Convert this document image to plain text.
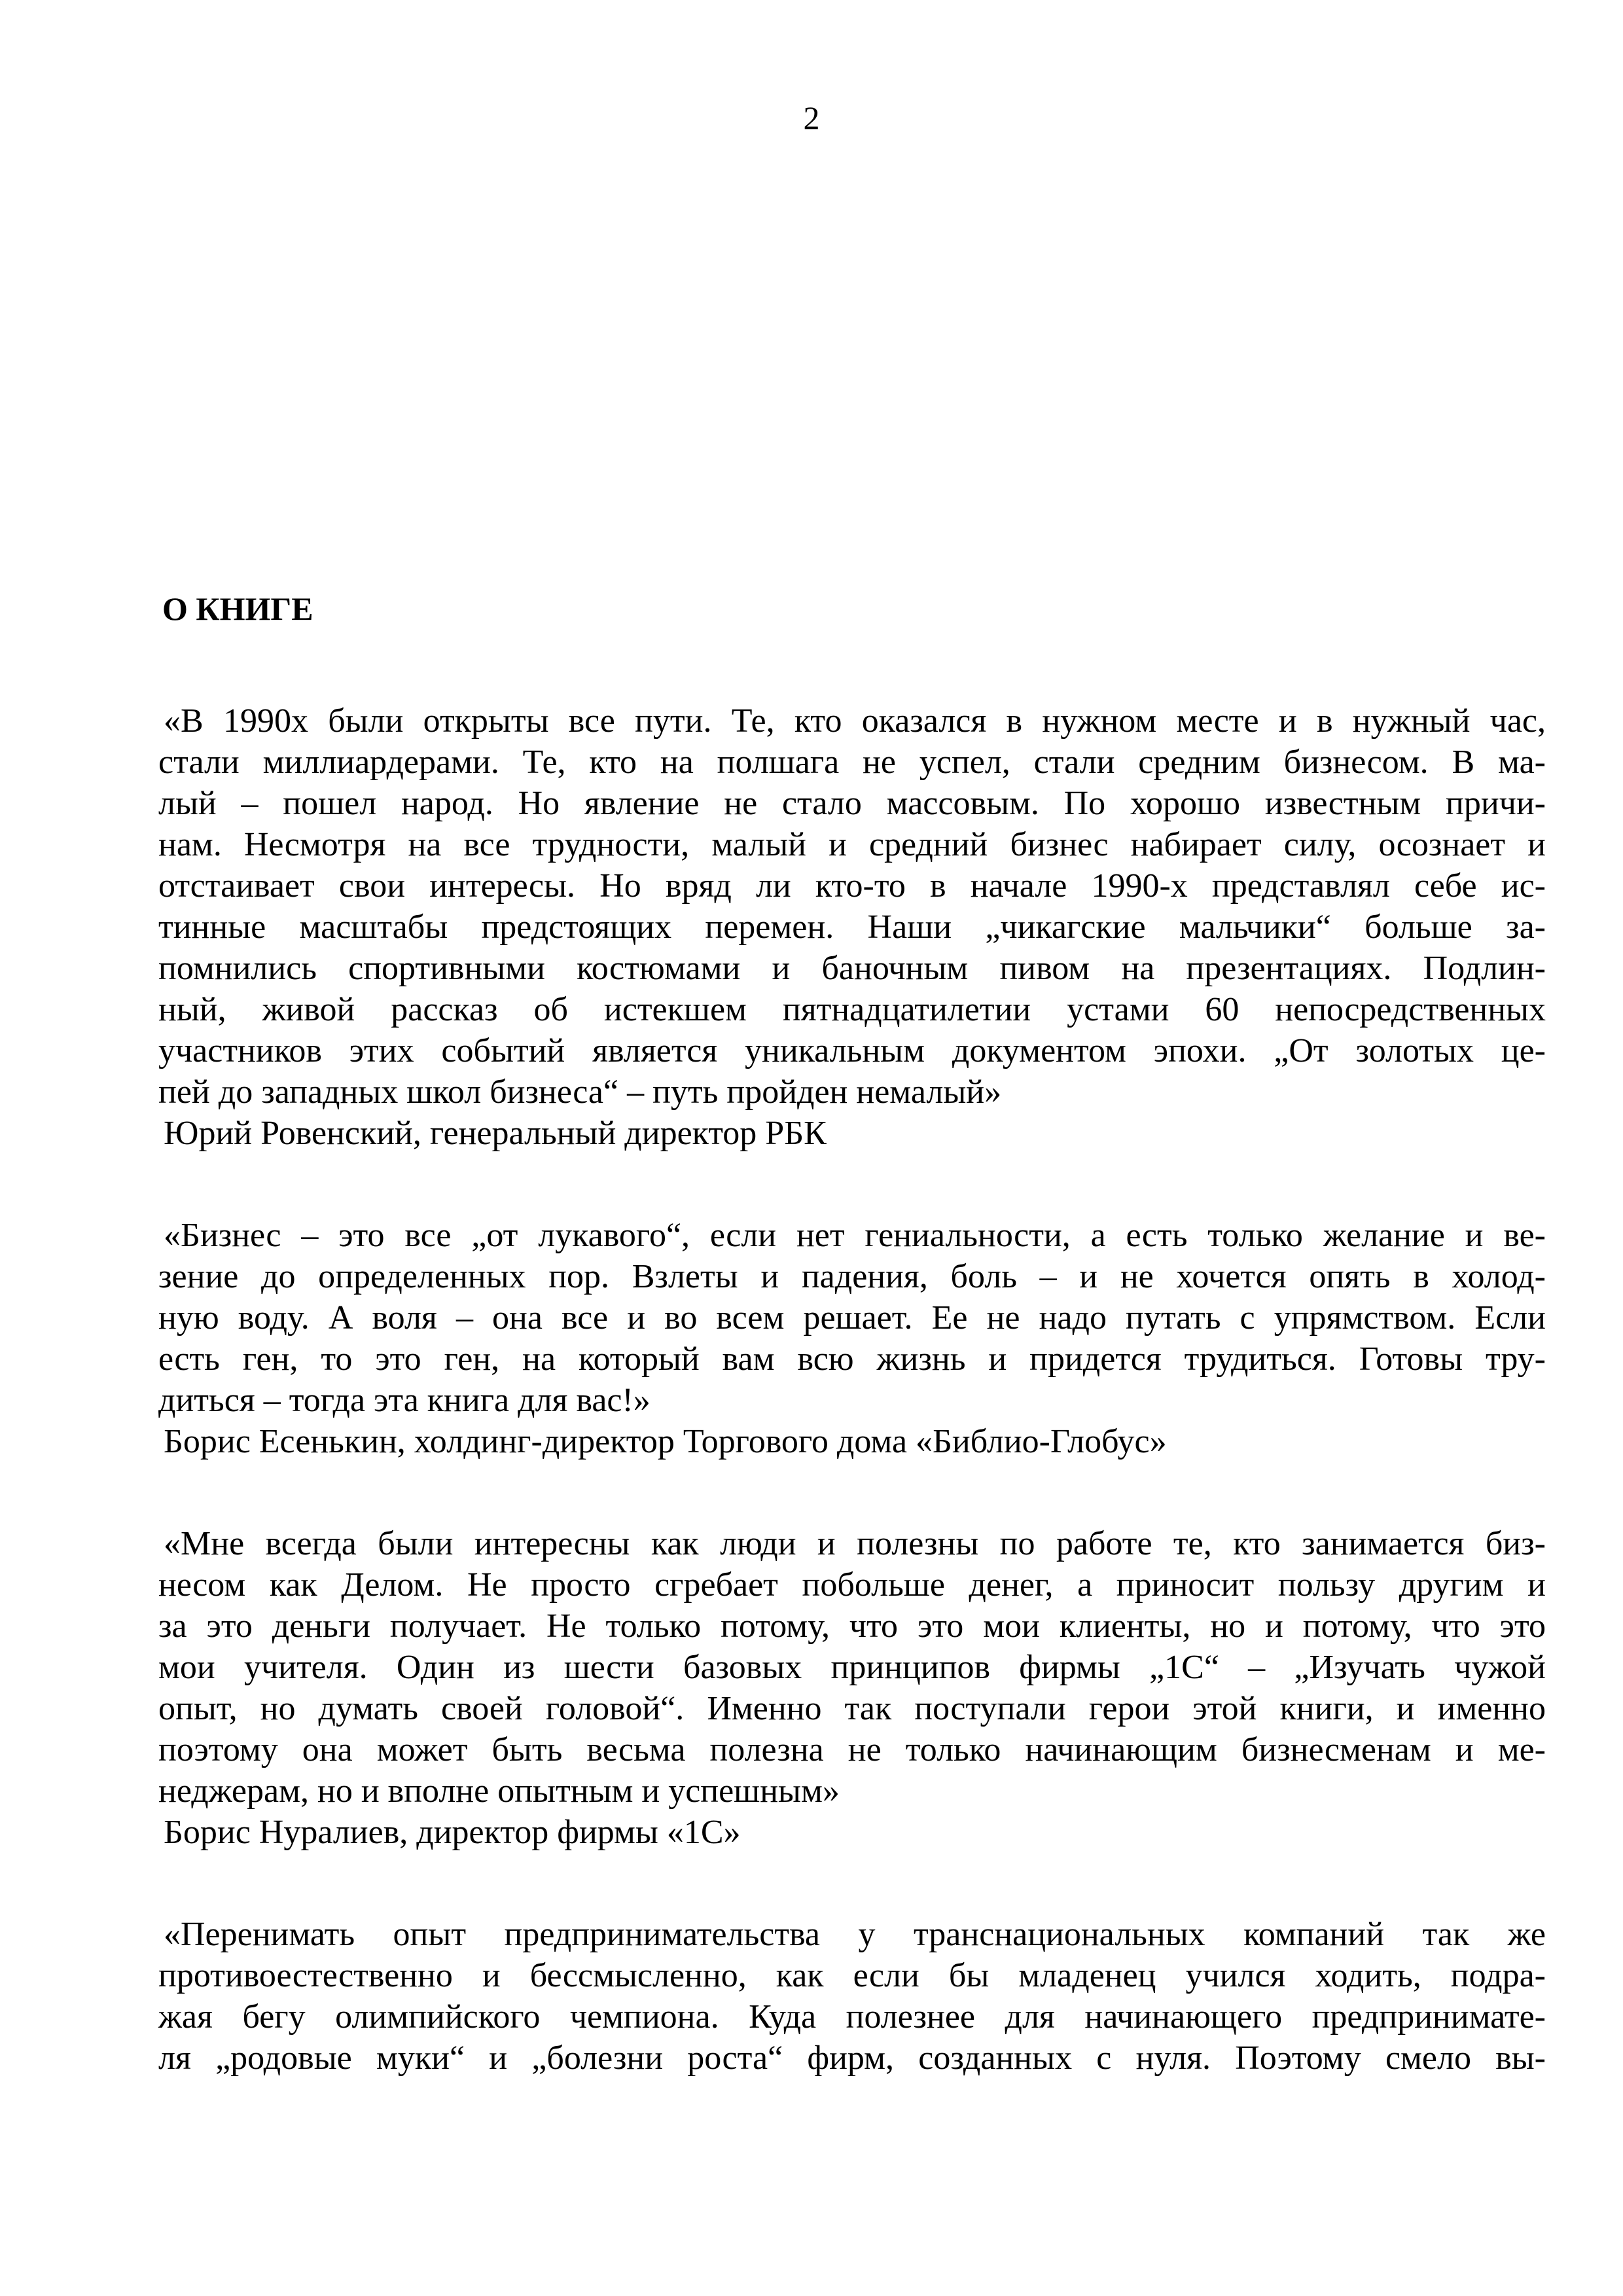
2
О КНИГЕ
«В 1990х были открыты все пути. Те, кто оказался в нужном месте и в нужный час,
стали миллиардерами. Те, кто на полшага не успел, стали средним бизнесом. В ма-
лый – пошел народ. Но явление не стало массовым. По хорошо известным причи-
нам. Несмотря на все трудности, малый и средний бизнес набирает силу, осознает и
отстаивает свои интересы. Но вряд ли кто-то в начале 1990-х представлял себе ис-
тинные масштабы предстоящих перемен. Наши „чикагские мальчики“ больше за-
помнились спортивными костюмами и баночным пивом на презентациях. Подлин-
ный, живой рассказ об истекшем пятнадцатилетии устами 60 непосредственных
участников этих событий является уникальным документом эпохи. „От золотых це-
пей до западных школ бизнеса“ – путь пройден немалый»
Юрий Ровенский, генеральный директор РБК
«Бизнес – это все „от лукавого“, если нет гениальности, а есть только желание и ве-
зение до определенных пор. Взлеты и падения, боль – и не хочется опять в холод-
ную воду. А воля – она все и во всем решает. Ее не надо путать с упрямством. Если
есть ген, то это ген, на который вам всю жизнь и придется трудиться. Готовы тру-
диться – тогда эта книга для вас!»
Борис Есенькин, холдинг-директор Торгового дома «Библио-Глобус»
«Мне всегда были интересны как люди и полезны по работе те, кто занимается биз-
несом как Делом. Не просто сгребает побольше денег, а приносит пользу другим и
за это деньги получает. Не только потому, что это мои клиенты, но и потому, что это
мои учителя. Один из шести базовых принципов фирмы „1С“ – „Изучать чужой
опыт, но думать своей головой“. Именно так поступали герои этой книги, и именно
поэтому она может быть весьма полезна не только начинающим бизнесменам и ме-
неджерам, но и вполне опытным и успешным»
Борис Нуралиев, директор фирмы «1С»
«Перенимать опыт предпринимательства у транснациональных компаний так же
противоестественно и бессмысленно, как если бы младенец учился ходить, подра-
жая бегу олимпийского чемпиона. Куда полезнее для начинающего предпринимате-
ля „родовые муки“ и „болезни роста“ фирм, созданных с нуля. Поэтому смело вы-
